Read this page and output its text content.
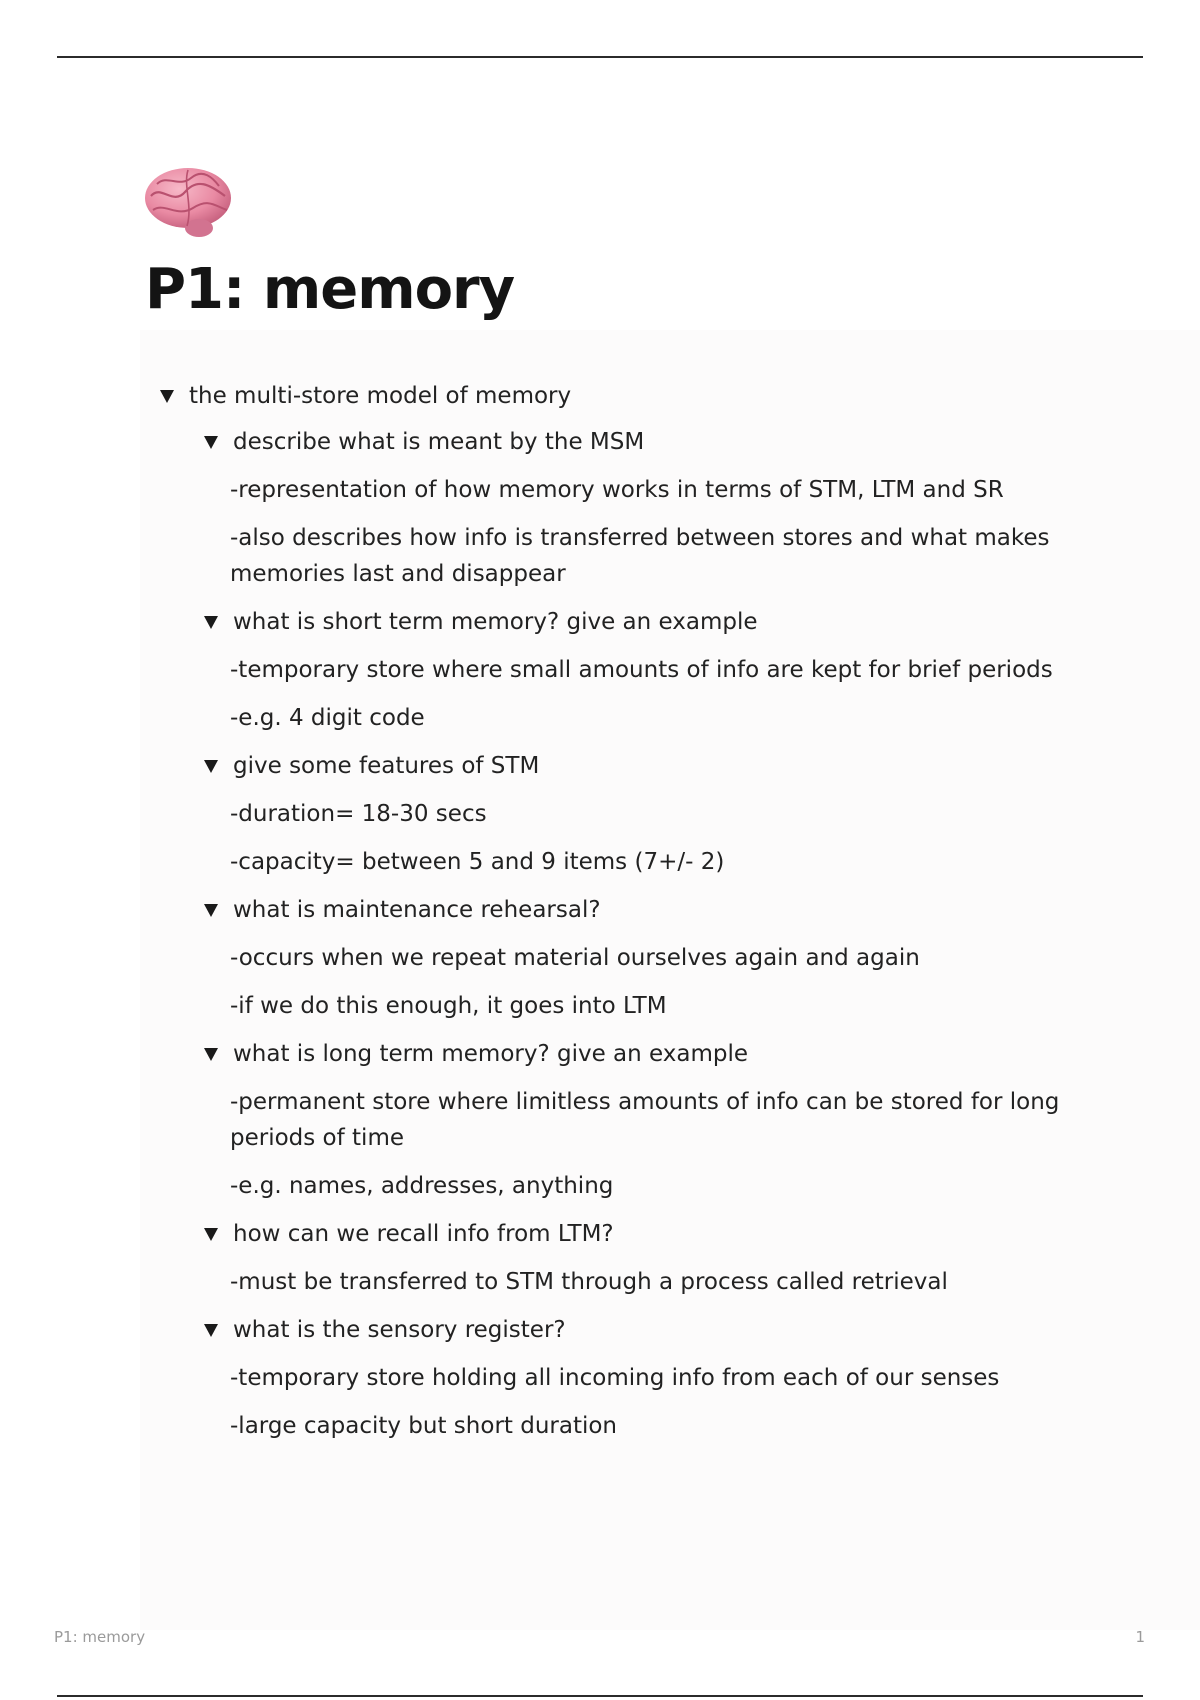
P1: memory
the multi-store model of memory
describe what is meant by the MSM
-representation of how memory works in terms of STM, LTM and SR
-also describes how info is transferred between stores and what makes memories last and disappear
what is short term memory? give an example
-temporary store where small amounts of info are kept for brief periods
-e.g. 4 digit code
give some features of STM
-duration= 18-30 secs
-capacity= between 5 and 9 items (7+/- 2)
what is maintenance rehearsal?
-occurs when we repeat material ourselves again and again
-if we do this enough, it goes into LTM
what is long term memory? give an example
-permanent store where limitless amounts of info can be stored for long periods of time
-e.g. names, addresses, anything
how can we recall info from LTM?
-must be transferred to STM through a process called retrieval
what is the sensory register?
-temporary store holding all incoming info from each of our senses
-large capacity but short duration
P1: memory	1
